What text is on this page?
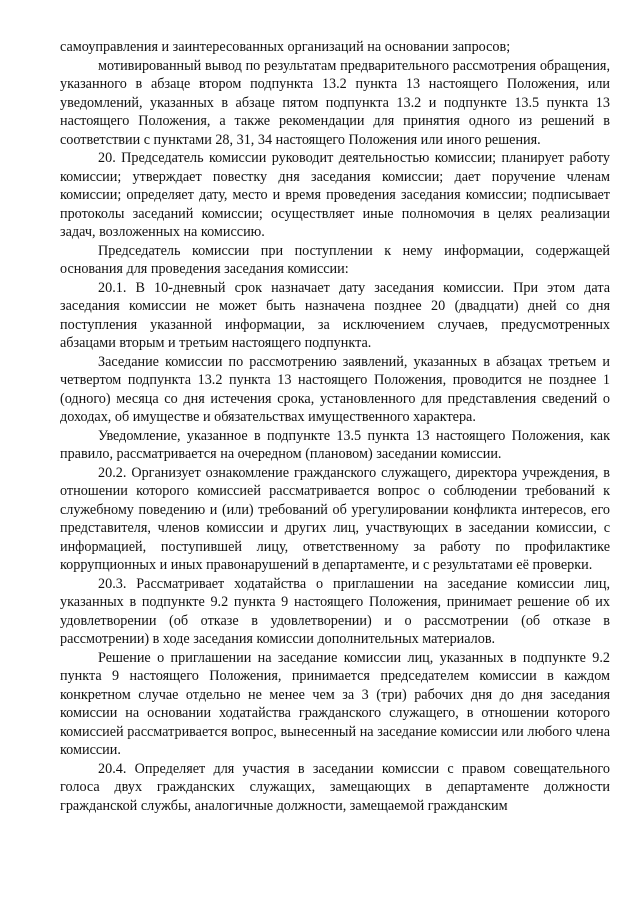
самоуправления и заинтересованных организаций на основании запросов;

мотивированный вывод по результатам предварительного рассмотрения обращения, указанного в абзаце втором подпункта 13.2 пункта 13 настоящего Положения, или уведомлений, указанных в абзаце пятом подпункта 13.2 и подпункте 13.5 пункта 13 настоящего Положения, а также рекомендации для принятия одного из решений в соответствии с пунктами 28, 31, 34 настоящего Положения или иного решения.

20. Председатель комиссии руководит деятельностью комиссии; планирует работу комиссии; утверждает повестку дня заседания комиссии; дает поручение членам комиссии; определяет дату, место и время проведения заседания комиссии; подписывает протоколы заседаний комиссии; осуществляет иные полномочия в целях реализации задач, возложенных на комиссию.

Председатель комиссии при поступлении к нему информации, содержащей основания для проведения заседания комиссии:

20.1. В 10-дневный срок назначает дату заседания комиссии. При этом дата заседания комиссии не может быть назначена позднее 20 (двадцати) дней со дня поступления указанной информации, за исключением случаев, предусмотренных абзацами вторым и третьим настоящего подпункта.

Заседание комиссии по рассмотрению заявлений, указанных в абзацах третьем и четвертом подпункта 13.2 пункта 13 настоящего Положения, проводится не позднее 1 (одного) месяца со дня истечения срока, установленного для представления сведений о доходах, об имуществе и обязательствах имущественного характера.

Уведомление, указанное в подпункте 13.5 пункта 13 настоящего Положения, как правило, рассматривается на очередном (плановом) заседании комиссии.

20.2. Организует ознакомление гражданского служащего, директора учреждения, в отношении которого комиссией рассматривается вопрос о соблюдении требований к служебному поведению и (или) требований об урегулировании конфликта интересов, его представителя, членов комиссии и других лиц, участвующих в заседании комиссии, с информацией, поступившей лицу, ответственному за работу по профилактике коррупционных и иных правонарушений в департаменте, и с результатами её проверки.

20.3. Рассматривает ходатайства о приглашении на заседание комиссии лиц, указанных в подпункте 9.2 пункта 9 настоящего Положения, принимает решение об их удовлетворении (об отказе в удовлетворении) и о рассмотрении (об отказе в рассмотрении) в ходе заседания комиссии дополнительных материалов.

Решение о приглашении на заседание комиссии лиц, указанных в подпункте 9.2 пункта 9 настоящего Положения, принимается председателем комиссии в каждом конкретном случае отдельно не менее чем за 3 (три) рабочих дня до дня заседания комиссии на основании ходатайства гражданского служащего, в отношении которого комиссией рассматривается вопрос, вынесенный на заседание комиссии или любого члена комиссии.

20.4. Определяет для участия в заседании комиссии с правом совещательного голоса двух гражданских служащих, замещающих в департаменте должности гражданской службы, аналогичные должности, замещаемой гражданским
